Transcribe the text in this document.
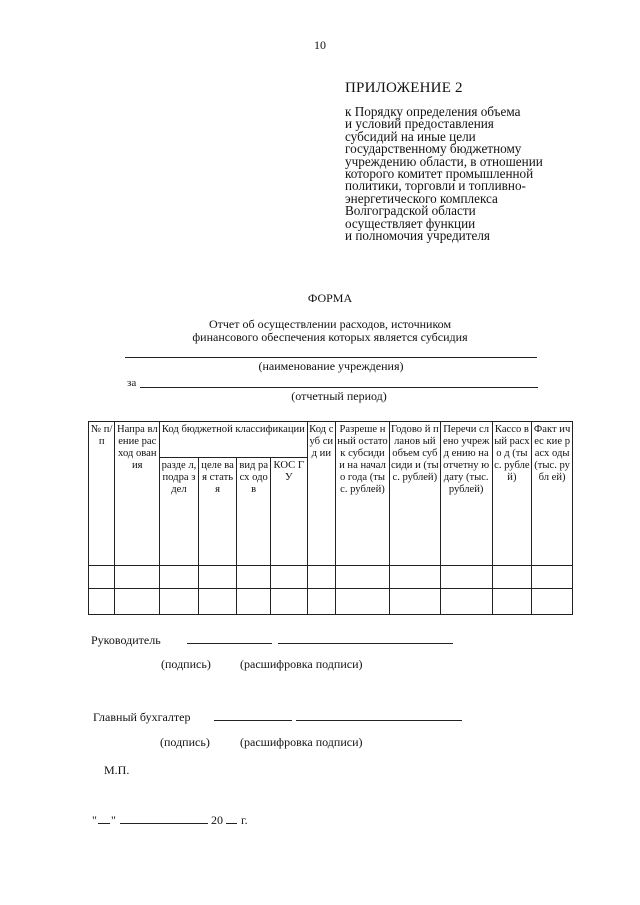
10
ПРИЛОЖЕНИЕ 2
к Порядку определения объема
и условий предоставления
субсидий на иные цели
государственному бюджетному
учреждению области, в отношении
которого комитет промышленной
политики, торговли и топливно-
энергетического комплекса
Волгоградской области
осуществляет функции
и полномочия учредителя
ФОРМА
Отчет об осуществлении расходов, источником
финансового обеспечения которых является субсидия
(наименование учреждения)
за
(отчетный период)
№ п/п	Напра вление расход ования	Код бюджетной классификации				Код суб сид ии	Разреше нный остаток субсиди и на начало года (тыс. рублей)	Годово й планов ый объем субсиди и (тыс. рублей)	Перечи слено учрежд ению на отчетну ю дату (тыс. рублей)	Кассо вый расхо д (тыс. рубле й)	Факт ичес кие расх оды (тыс. рубл ей)
		разде л, подра здел	целе вая стать я	вид расх одов	КОС ГУ						

Руководитель
(подпись) (расшифровка подписи)
Главный бухгалтер
(подпись)	(расшифровка подписи)
М.П.
" "	20 г.
